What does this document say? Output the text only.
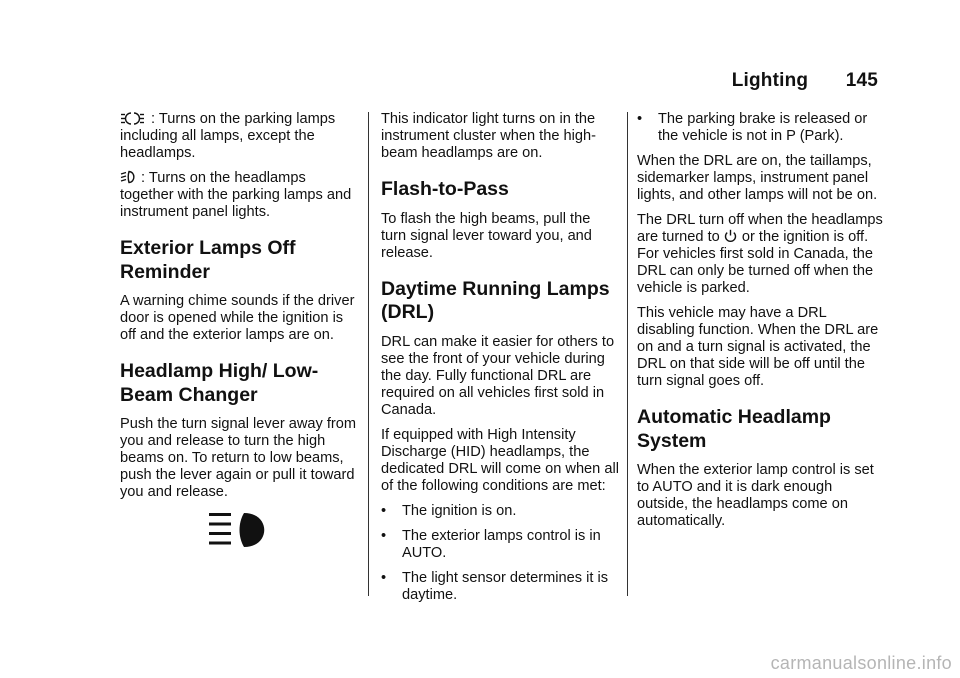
Lighting 145

: Turns on the parking lamps including all lamps, except the headlamps.

: Turns on the headlamps together with the parking lamps and instrument panel lights.

Exterior Lamps Off Reminder

A warning chime sounds if the driver door is opened while the ignition is off and the exterior lamps are on.

Headlamp High/ Low-Beam Changer

Push the turn signal lever away from you and release to turn the high beams on. To return to low beams, push the lever again or pull it toward you and release.

This indicator light turns on in the instrument cluster when the high-beam headlamps are on.

Flash-to-Pass

To flash the high beams, pull the turn signal lever toward you, and release.

Daytime Running Lamps (DRL)

DRL can make it easier for others to see the front of your vehicle during the day. Fully functional DRL are required on all vehicles first sold in Canada.

If equipped with High Intensity Discharge (HID) headlamps, the dedicated DRL will come on when all of the following conditions are met:

•	The ignition is on.
•	The exterior lamps control is in AUTO.
•	The light sensor determines it is daytime.
•	The parking brake is released or the vehicle is not in P (Park).

When the DRL are on, the taillamps, sidemarker lamps, instrument panel lights, and other lamps will not be on.

The DRL turn off when the headlamps are turned to  or the ignition is off. For vehicles first sold in Canada, the DRL can only be turned off when the vehicle is parked.

This vehicle may have a DRL disabling function. When the DRL are on and a turn signal is activated, the DRL on that side will be off until the turn signal goes off.

Automatic Headlamp System

When the exterior lamp control is set to AUTO and it is dark enough outside, the headlamps come on automatically.

carmanualsonline.info
